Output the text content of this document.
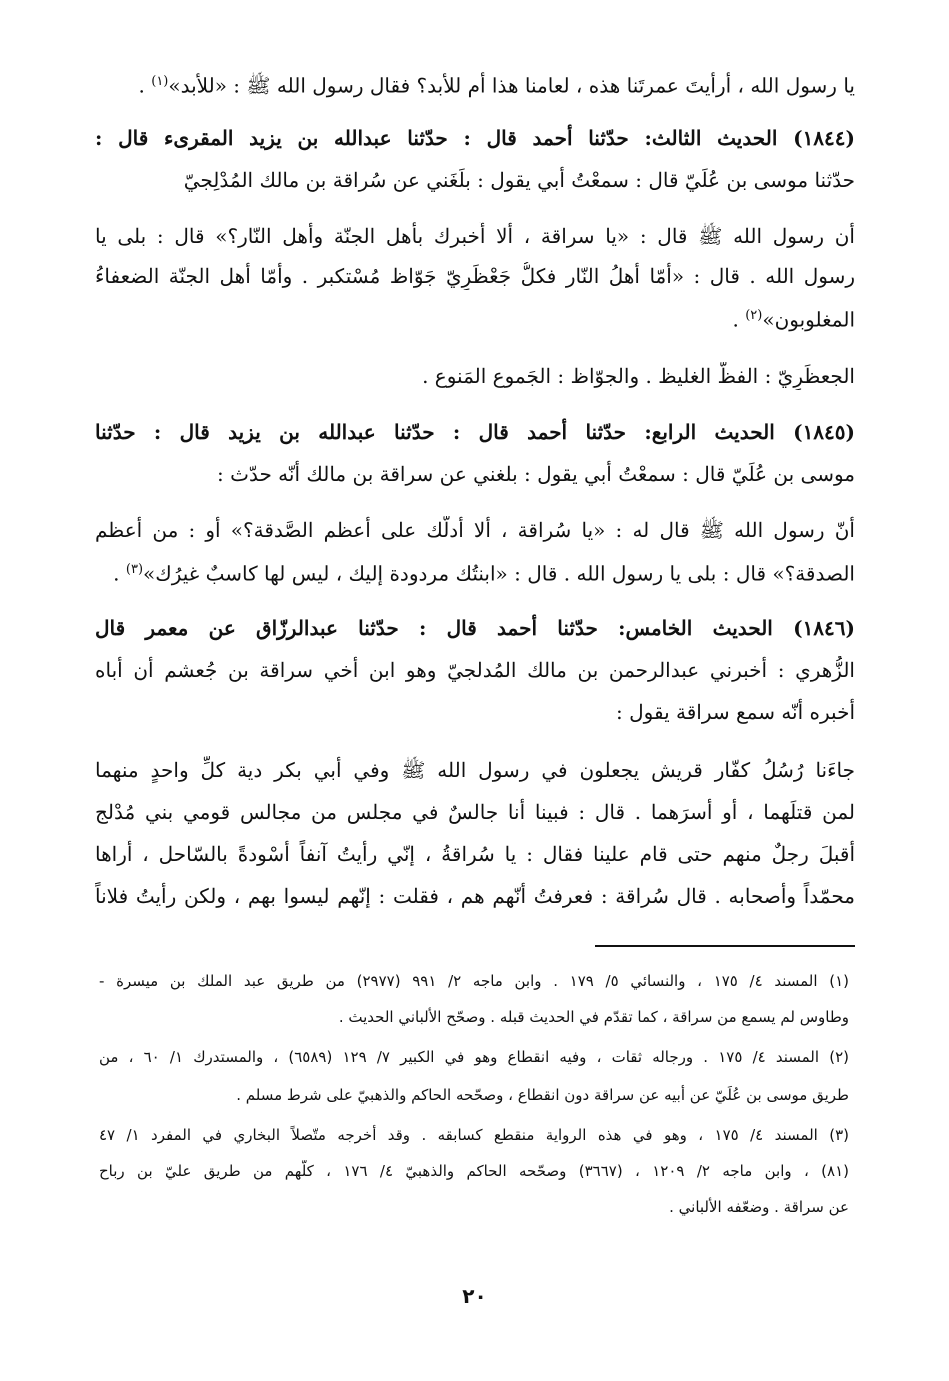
يا رسول الله ، أرأيتَ عمرتَنا هذه ، لعامنا هذا أم للأبد؟ فقال رسول الله ﷺ : «للأبد»$^{(١)}$ .
(١٨٤٤) الحديث الثالث: حدّثنا أحمد قال : حدّثنا عبدالله بن يزيد المقرىء قال :
حدّثنا موسى بن عُلَيّ قال : سمعْتُ أبي يقول : بلَغَني عن سُراقة بن مالك المُدْلِجيّ
أن رسول الله ﷺ قال : «يا سراقة ، ألا أُخبرك بأهل الجنّة وأهل النّار؟» قال : بلى يا
رسول الله . قال : «أمّا أهلُ النّار فكلُّ جَعْظَرِيّ جَوّاظ مُسْتكبر . وأمّا أهل الجنّة الضعفاءُ
المغلوبون»$^{(٢)}$ .
الجعظَرِيّ : الفظُّ الغليظ . والجوّاظ : الجَموع المَنوع .
(١٨٤٥) الحديث الرابع: حدّثنا أحمد قال : حدّثنا عبدالله بن يزيد قال : حدّثنا
موسى بن عُلَيّ قال : سمعْتُ أبي يقول : بلغني عن سراقة بن مالك أنّه حدّث :
أنّ رسول الله ﷺ قال له : «يا سُراقة ، ألا أدلُّك على أعظم الصَّدقة؟» أو : من أعظم
الصدقة؟» قال : بلى يا رسول الله . قال : «ابنتُك مردودة إليك ، ليس لها كاسبٌ غيرُك»$^{(٣)}$ .
(١٨٤٦) الحديث الخامس: حدّثنا أحمد قال : حدّثنا عبدالرزّاق عن معمر قال
الزُّهري : أخبرني عبدالرحمن بن مالك المُدلجيّ وهو ابن أخي سراقة بن جُعشم أن أباه
أخبره أنّه سمع سراقة يقول :
جاءَنا رُسُلُ كفّار قريش يجعلون في رسول الله ﷺ وفي أبي بكر دية كلِّ واحدٍ منهما
لمن قتلَهما ، أو أسرَهما . قال : فبينا أنا جالسٌ في مجلس من مجالس قومي بني مُدْلج
أقبلَ رجلٌ منهم حتى قام علينا فقال : يا سُراقةُ ، إنّي رأيتُ آنفاً أسْودةً بالسّاحل ، أُراها
محمّداً وأصحابه . قال سُراقة : فعرفتُ أنّهم هم ، فقلت : إنّهم ليسوا بهم ، ولكن رأيتُ فلاناً
(١) المسند ٤/ ١٧٥ ، والنسائي ٥/ ١٧٩ . وابن ماجه ٢/ ٩٩١ (٢٩٧٧) من طريق عبد الملك بن ميسرة -
وطاوس لم يسمع من سراقة ، كما تقدّم في الحديث قبله . وصحّح الألباني الحديث .
(٢) المسند ٤/ ١٧٥ . ورجاله ثقات ، وفيه انقطاع وهو في الكبير ٧/ ١٢٩ (٦٥٨٩) ، والمستدرك ١/ ٦٠ ، من
طريق موسى بن عُلَيّ عن أبيه عن سراقة دون انقطاع ، وصحّحه الحاكم والذهبيّ على شرط مسلم .
(٣) المسند ٤/ ١٧٥ ، وهو في هذه الرواية منقطع كسابقه . وقد أخرجه متّصلاً البخاري في المفرد ١/ ٤٧
(٨١) ، وابن ماجه ٢/ ١٢٠٩ ، (٣٦٦٧) وصحّحه الحاكم والذهبيّ ٤/ ١٧٦ ، كلّهم من طريق عليّ بن رباح
عن سراقة . وضعّفه الألباني .
٢٠
